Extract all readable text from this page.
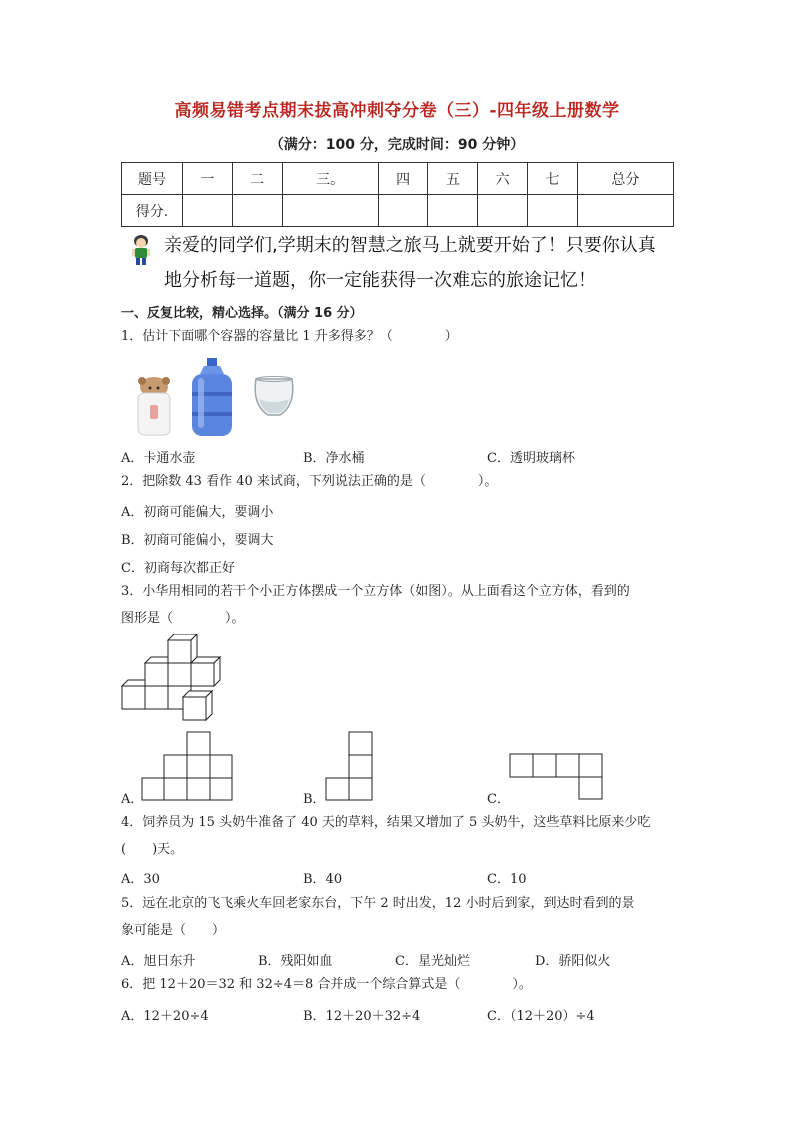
高频易错考点期末拔高冲刺夺分卷（三）-四年级上册数学
（满分：100 分，完成时间：90 分钟）
题号	一	二	三。	四	五	六	七	总分
得分.								
亲爱的同学们,学期末的智慧之旅马上就要开始了！只要你认真
地分析每一道题，你一定能获得一次难忘的旅途记忆！
一、反复比较，精心选择。（满分 16 分）
1．估计下面哪个容器的容量比 1 升多得多？（　　　　）
A．卡通水壶	B．净水桶	C．透明玻璃杯
2．把除数 43 看作 40 来试商，下列说法正确的是（　　　　）。
A．初商可能偏大，要调小
B．初商可能偏小，要调大
C．初商每次都正好
3．小华用相同的若干个小正方体摆成一个立方体（如图）。从上面看这个立方体，看到的
图形是（　　　　）。
A．	B．	C．
4．饲养员为 15 头奶牛准备了 40 天的草料，结果又增加了 5 头奶牛，这些草料比原来少吃
(　　)天。
A．30	B．40	C．10
5．远在北京的飞飞乘火车回老家东台，下午 2 时出发，12 小时后到家，到达时看到的景
象可能是（　　）
A．旭日东升	B．残阳如血	C．星光灿烂	D．骄阳似火
6．把 12＋20＝32 和 32÷4＝8 合并成一个综合算式是（　　　　）。
A．12＋20÷4	B．12＋20＋32÷4	C．（12＋20）÷4
